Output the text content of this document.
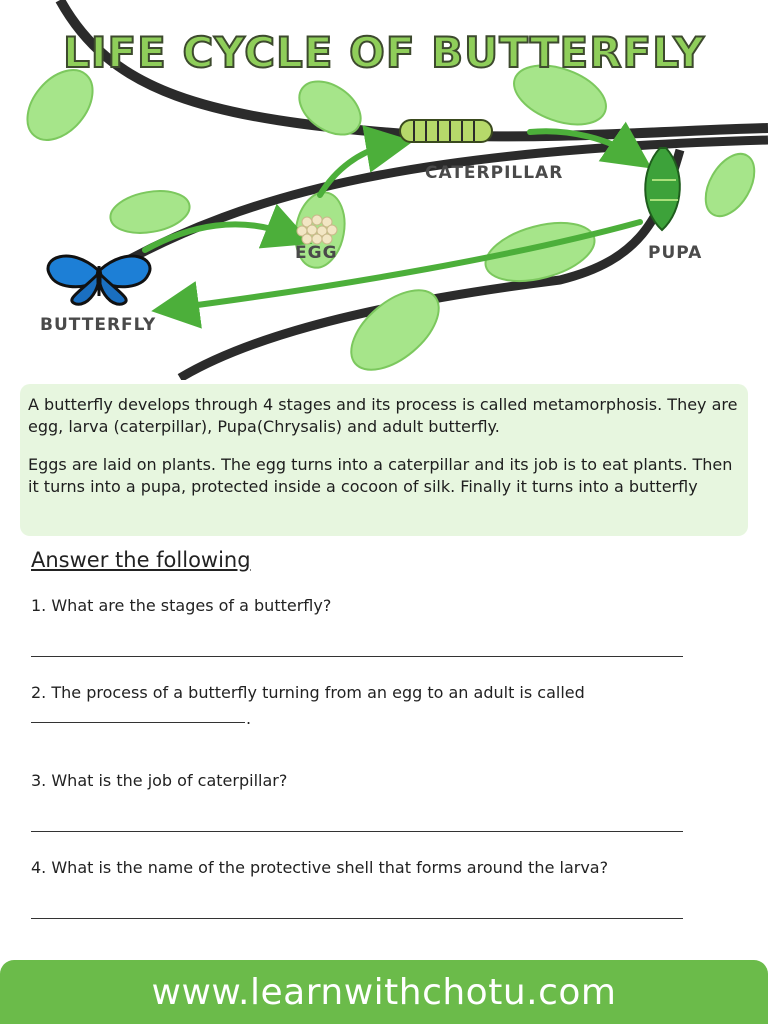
LIFE CYCLE OF BUTTERFLY
CATERPILLAR
EGG	PUPA
BUTTERFLY

A butterfly develops through 4 stages and its process is called metamorphosis. They are egg, larva (caterpillar), Pupa(Chrysalis) and adult butterfly.

Eggs are laid on plants. The egg turns into a caterpillar and its job is to eat plants. Then it turns into a pupa, protected inside a cocoon of silk. Finally it turns into a butterfly

Answer the following
1. What are the stages of a butterfly?
2. The process of a butterfly turning from an egg to an adult is called
.
3. What is the job of caterpillar?
4. What is the name of the protective shell that forms around the larva?
www.learnwithchotu.com
